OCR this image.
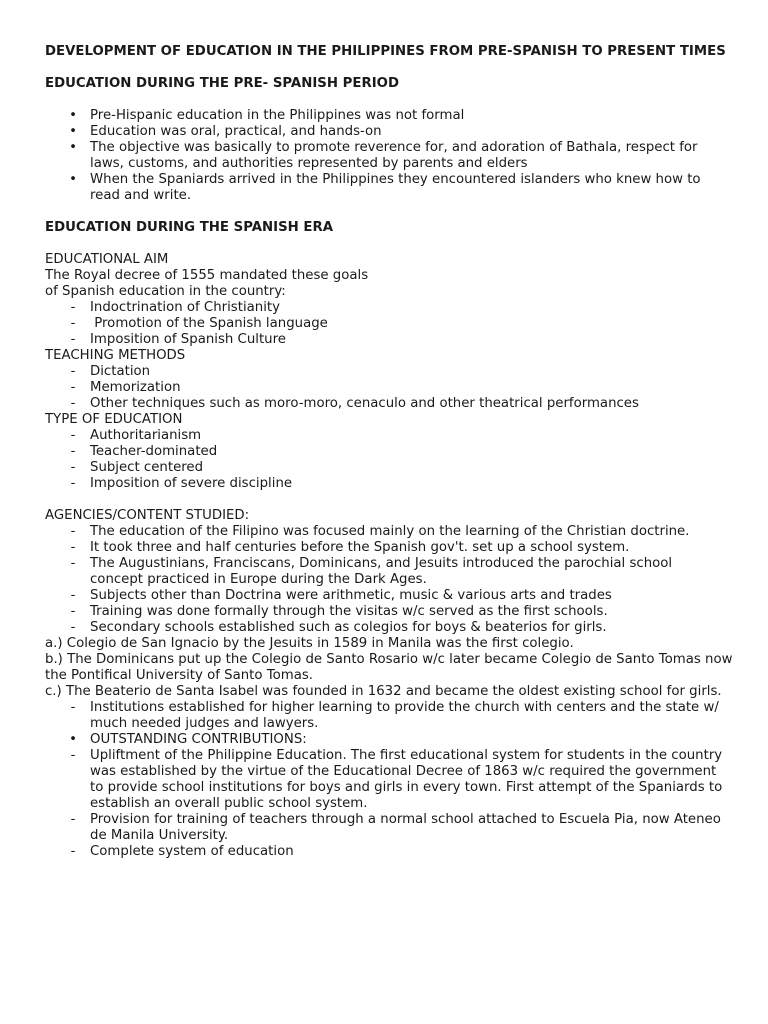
DEVELOPMENT OF EDUCATION IN THE PHILIPPINES FROM PRE-SPANISH TO PRESENT TIMES
EDUCATION DURING THE PRE- SPANISH PERIOD
• Pre-Hispanic education in the Philippines was not formal
• Education was oral, practical, and hands-on
• The objective was basically to promote reverence for, and adoration of Bathala, respect for laws, customs, and authorities represented by parents and elders
• When the Spaniards arrived in the Philippines they encountered islanders who knew how to read and write.
EDUCATION DURING THE SPANISH ERA
EDUCATIONAL AIM
The Royal decree of 1555 mandated these goals
of Spanish education in the country:
-	Indoctrination of Christianity
-	Promotion of the Spanish language
-	Imposition of Spanish Culture
TEACHING METHODS
-	Dictation
-	Memorization
-	Other techniques such as moro-moro, cenaculo and other theatrical performances
TYPE OF EDUCATION
-	Authoritarianism
-	Teacher-dominated
-	Subject centered
-	Imposition of severe discipline
AGENCIES/CONTENT STUDIED:
-	The education of the Filipino was focused mainly on the learning of the Christian doctrine.
-	It took three and half centuries before the Spanish gov't. set up a school system.
-	The Augustinians, Franciscans, Dominicans, and Jesuits introduced the parochial school concept practiced in Europe during the Dark Ages.
-	Subjects other than Doctrina were arithmetic, music & various arts and trades
-	Training was done formally through the visitas w/c served as the first schools.
-	Secondary schools established such as colegios for boys & beaterios for girls.
a.) Colegio de San Ignacio by the Jesuits in 1589 in Manila was the first colegio.
b.) The Dominicans put up the Colegio de Santo Rosario w/c later became Colegio de Santo Tomas now the Pontifical University of Santo Tomas.
c.) The Beaterio de Santa Isabel was founded in 1632 and became the oldest existing school for girls.
-	Institutions established for higher learning to provide the church with centers and the state w/ much needed judges and lawyers.
• OUTSTANDING CONTRIBUTIONS:
-	Upliftment of the Philippine Education. The first educational system for students in the country was established by the virtue of the Educational Decree of 1863 w/c required the government to provide school institutions for boys and girls in every town. First attempt of the Spaniards to establish an overall public school system.
-	Provision for training of teachers through a normal school attached to Escuela Pia, now Ateneo de Manila University.
-	Complete system of education
